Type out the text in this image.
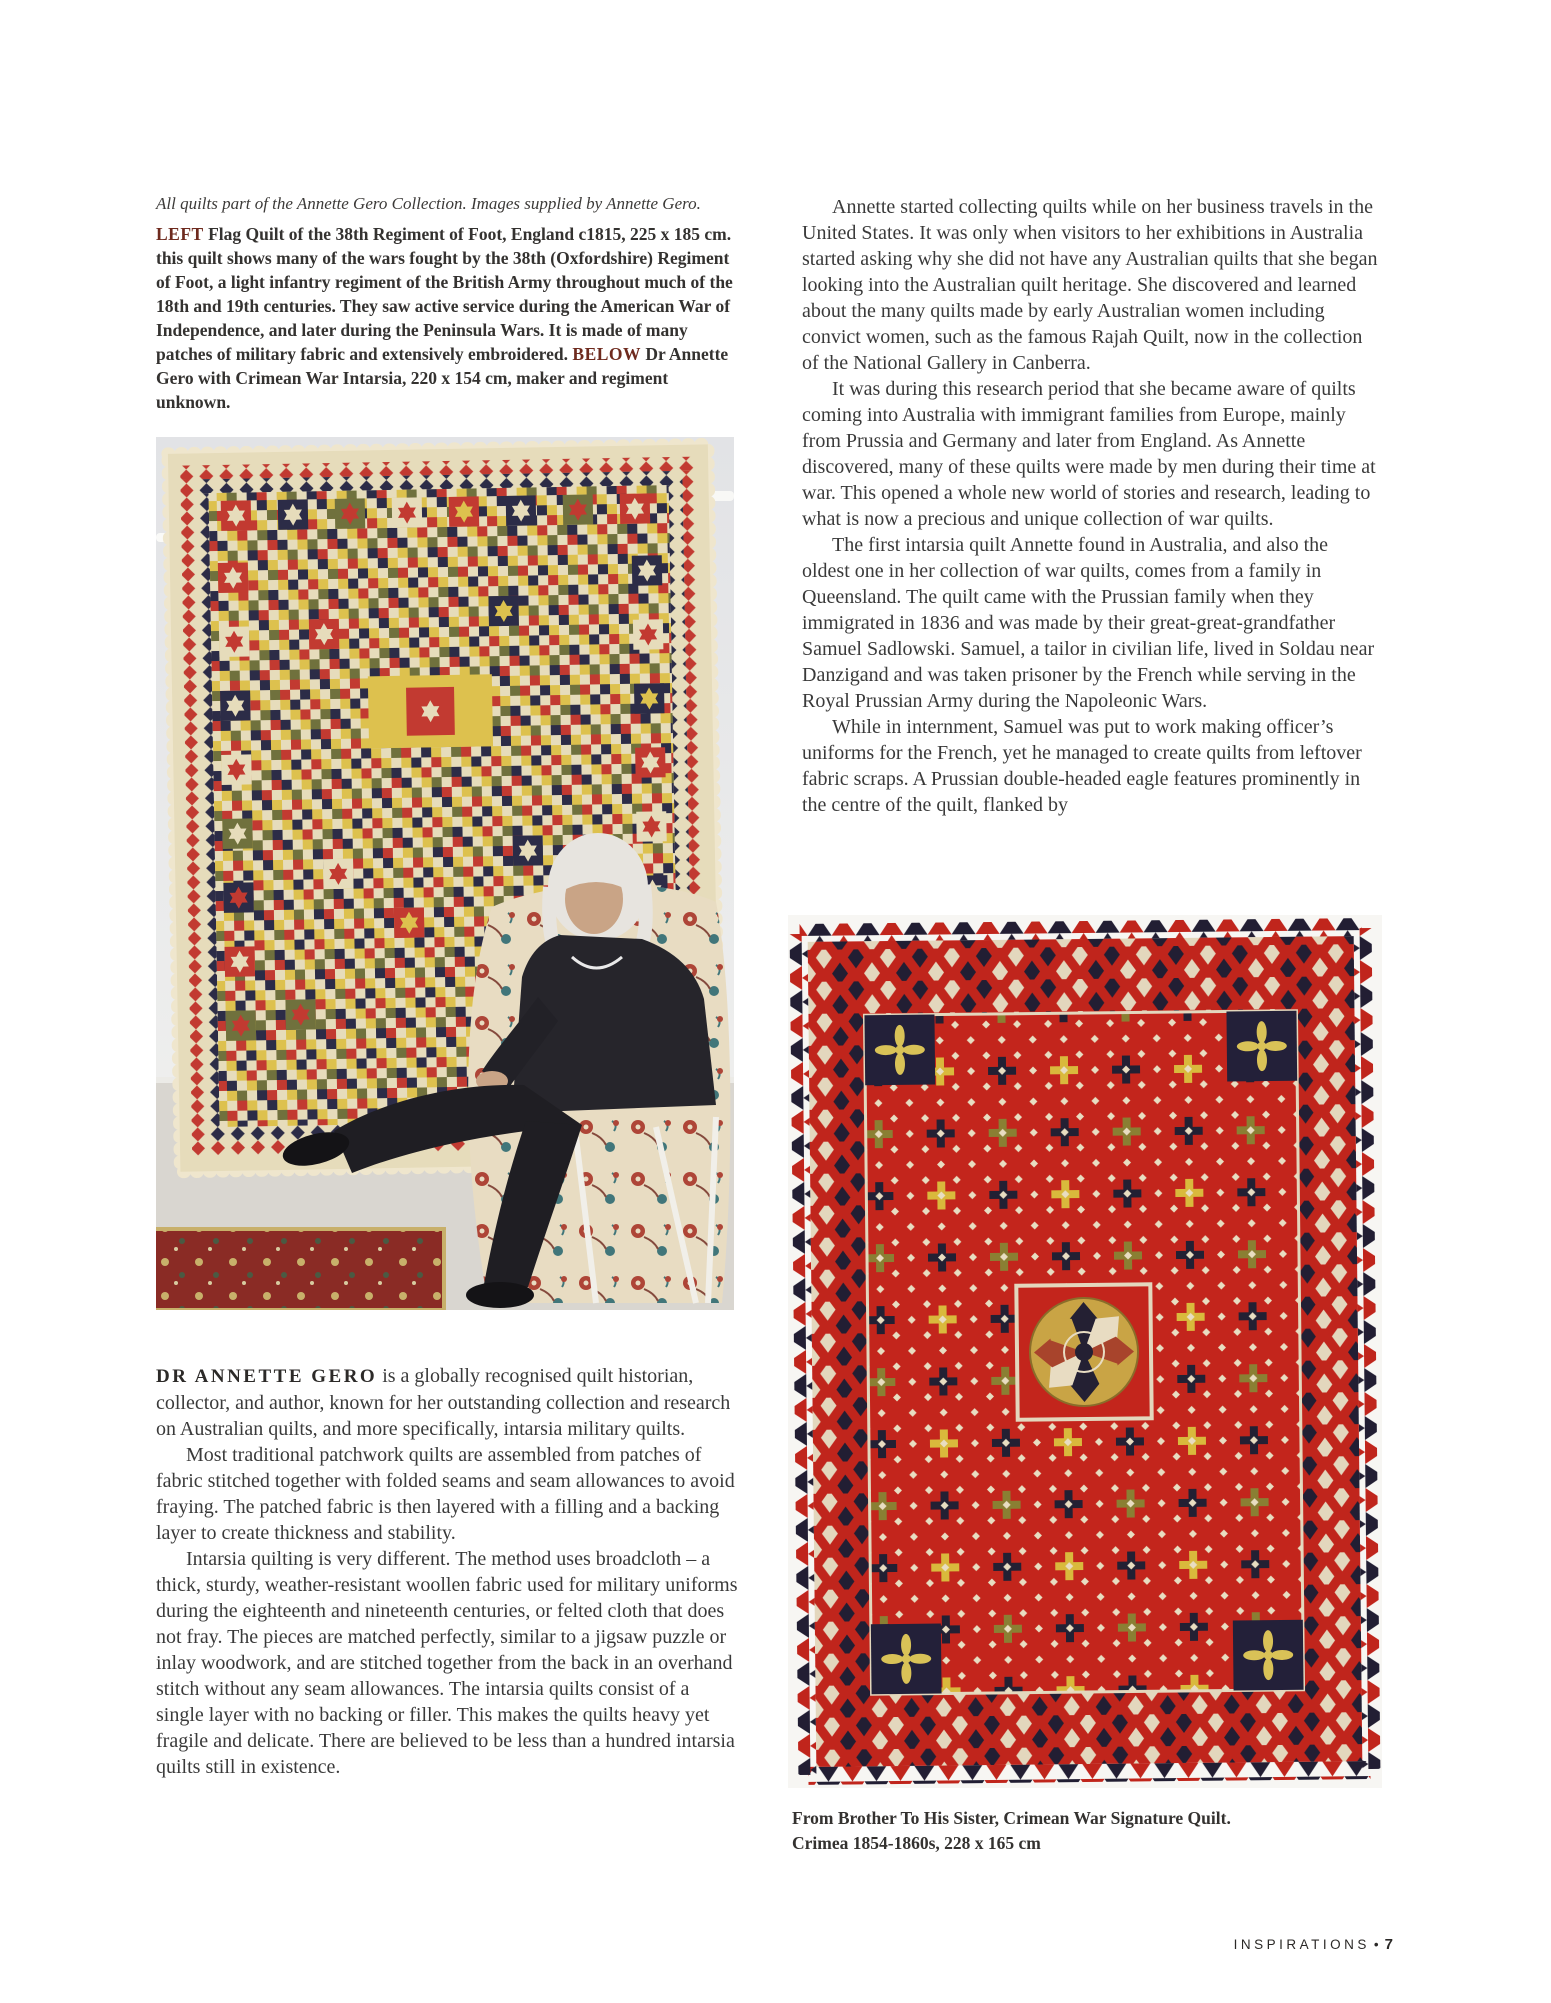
All quilts part of the Annette Gero Collection. Images supplied by Annette Gero.
LEFT Flag Quilt of the 38th Regiment of Foot, England c1815, 225 x 185 cm. this quilt shows many of the wars fought by the 38th (Oxfordshire) Regiment of Foot, a light infantry regiment of the British Army throughout much of the 18th and 19th centuries. They saw active service during the American War of Independence, and later during the Peninsula Wars. It is made of many patches of military fabric and extensively embroidered. BELOW Dr Annette Gero with Crimean War Intarsia, 220 x 154 cm, maker and regiment unknown.

Annette started collecting quilts while on her business travels in the United States. It was only when visitors to her exhibitions in Australia started asking why she did not have any Australian quilts that she began looking into the Australian quilt heritage. She discovered and learned about the many quilts made by early Australian women including convict women, such as the famous Rajah Quilt, now in the collection of the National Gallery in Canberra.

It was during this research period that she became aware of quilts coming into Australia with immigrant families from Europe, mainly from Prussia and Germany and later from England. As Annette discovered, many of these quilts were made by men during their time at war. This opened a whole new world of stories and research, leading to what is now a precious and unique collection of war quilts.

The first intarsia quilt Annette found in Australia, and also the oldest one in her collection of war quilts, comes from a family in Queensland. The quilt came with the Prussian family when they immigrated in 1836 and was made by their great-great-grandfather Samuel Sadlowski. Samuel, a tailor in civilian life, lived in Soldau near Danzigand and was taken prisoner by the French while serving in the Royal Prussian Army during the Napoleonic Wars.

While in internment, Samuel was put to work making officer’s uniforms for the French, yet he managed to create quilts from leftover fabric scraps. A Prussian double-headed eagle features prominently in the centre of the quilt, flanked by

DR ANNETTE GERO is a globally recognised quilt historian, collector, and author, known for her outstanding collection and research on Australian quilts, and more specifically, intarsia military quilts.

Most traditional patchwork quilts are assembled from patches of fabric stitched together with folded seams and seam allowances to avoid fraying. The patched fabric is then layered with a filling and a backing layer to create thickness and stability.

Intarsia quilting is very different. The method uses broadcloth – a thick, sturdy, weather-resistant woollen fabric used for military uniforms during the eighteenth and nineteenth centuries, or felted cloth that does not fray. The pieces are matched perfectly, similar to a jigsaw puzzle or inlay woodwork, and are stitched together from the back in an overhand stitch without any seam allowances. The intarsia quilts consist of a single layer with no backing or filler. This makes the quilts heavy yet fragile and delicate. There are believed to be less than a hundred intarsia quilts still in existence.

From Brother To His Sister, Crimean War Signature Quilt.
Crimea 1854-1860s, 228 x 165 cm
INSPIRATIONS • 7
